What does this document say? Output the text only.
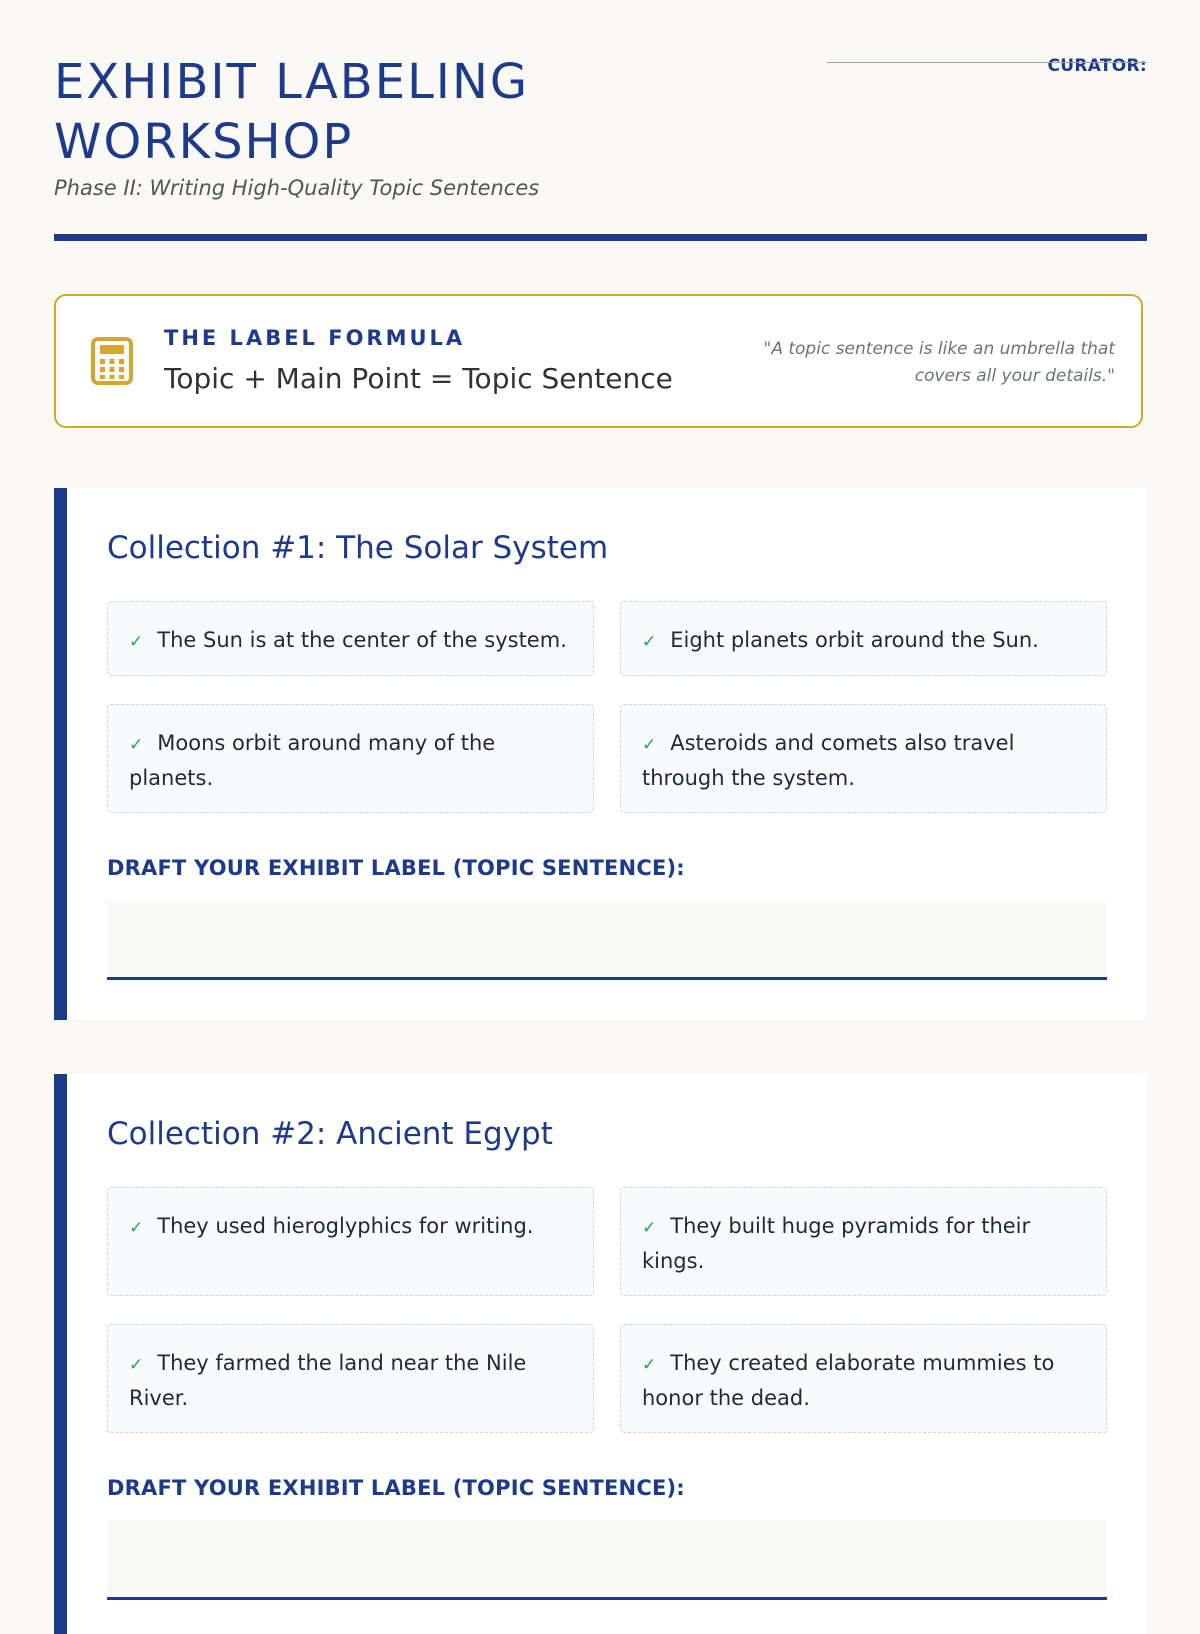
EXHIBIT LABELING WORKSHOP

Phase II: Writing High-Quality Topic Sentences

CURATOR:
THE LABEL FORMULA
Topic + Main Point = Topic Sentence
"A topic sentence is like an umbrella that covers all your details."
Collection #1: The Solar System
✓ The Sun is at the center of the system.	✓ Eight planets orbit around the Sun.
✓ Moons orbit around many of the planets.
✓ Asteroids and comets also travel through the system.
DRAFT YOUR EXHIBIT LABEL (TOPIC SENTENCE):
Collection #2: Ancient Egypt
✓ They used hieroglyphics for writing.	✓ They built huge pyramids for their kings.
✓ They farmed the land near the Nile River.
✓ They created elaborate mummies to honor the dead.
DRAFT YOUR EXHIBIT LABEL (TOPIC SENTENCE):
